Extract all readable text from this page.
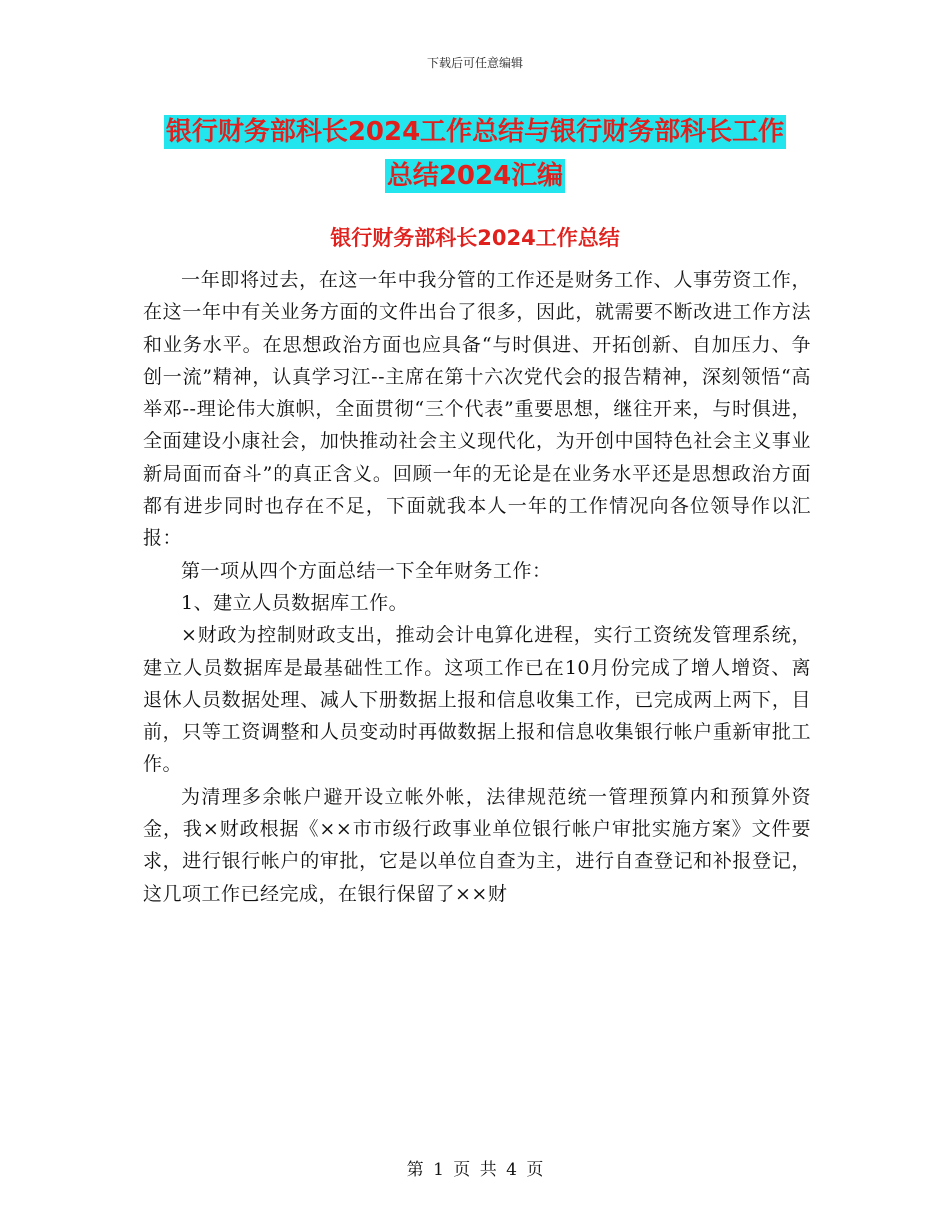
下载后可任意编辑
银行财务部科长2024工作总结与银行财务部科长工作
总结2024汇编
银行财务部科长2024工作总结

一年即将过去，在这一年中我分管的工作还是财务工作、人事劳资工作，在这一年中有关业务方面的文件出台了很多，因此，就需要不断改进工作方法和业务水平。在思想政治方面也应具备“与时俱进、开拓创新、自加压力、争创一流”精神，认真学习江--主席在第十六次党代会的报告精神，深刻领悟“高举邓--理论伟大旗帜，全面贯彻“三个代表”重要思想，继往开来，与时俱进，全面建设小康社会，加快推动社会主义现代化，为开创中国特色社会主义事业新局面而奋斗”的真正含义。回顾一年的无论是在业务水平还是思想政治方面都有进步同时也存在不足，下面就我本人一年的工作情况向各位领导作以汇报：

第一项从四个方面总结一下全年财务工作：

1、建立人员数据库工作。

×财政为控制财政支出，推动会计电算化进程，实行工资统发管理系统，建立人员数据库是最基础性工作。这项工作已在10月份完成了增人增资、离退休人员数据处理、减人下册数据上报和信息收集工作，已完成两上两下，目前，只等工资调整和人员变动时再做数据上报和信息收集银行帐户重新审批工作。

为清理多余帐户避开设立帐外帐，法律规范统一管理预算内和预算外资金，我×财政根据《××市市级行政事业单位银行帐户审批实施方案》文件要求，进行银行帐户的审批，它是以单位自查为主，进行自查登记和补报登记，这几项工作已经完成，在银行保留了××财

第 1 页 共 4 页
